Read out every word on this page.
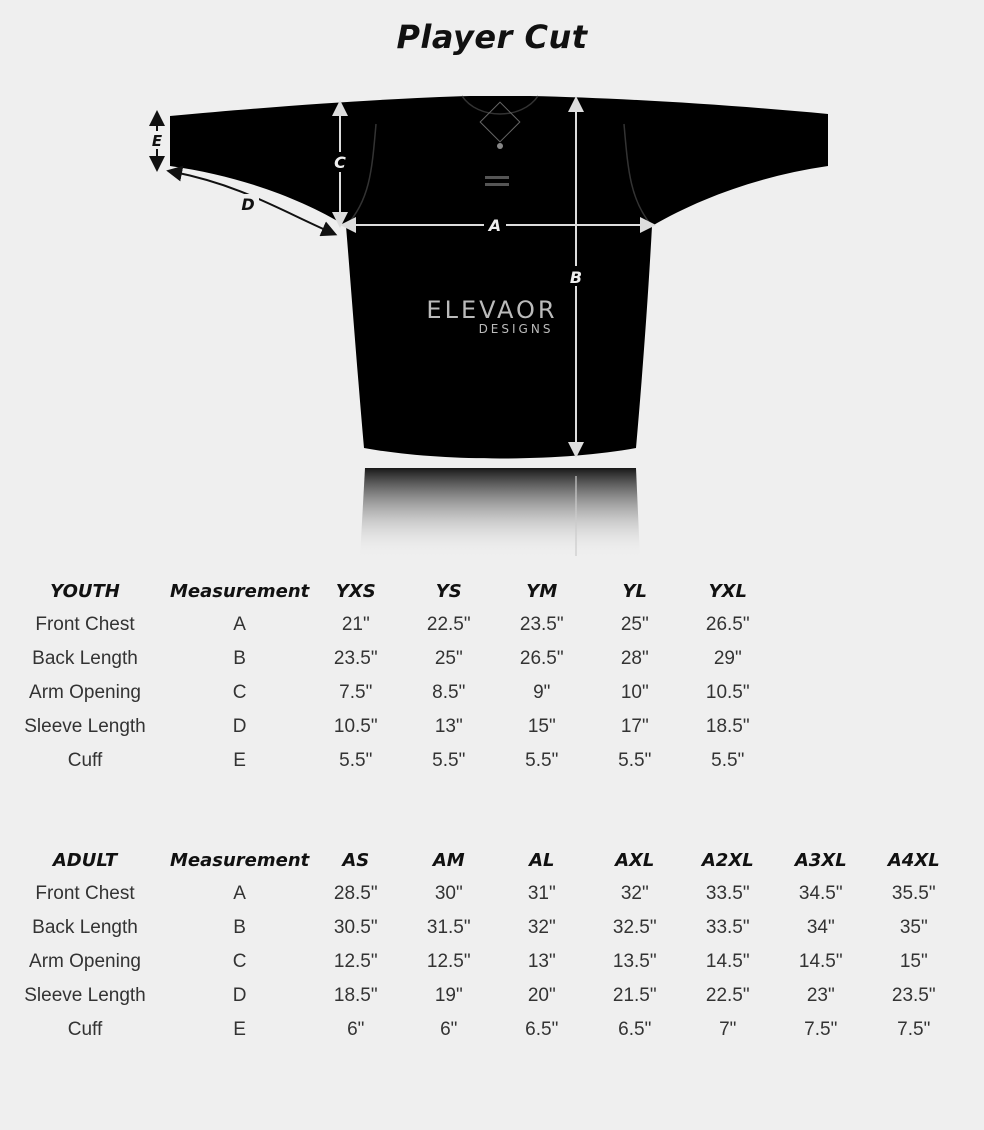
Player Cut
ELEVAOR
DESIGNS
A
B
C
D
E
YOUTH	Measurement	YXS	YS	YM	YL	YXL
Front Chest	A	21"	22.5"	23.5"	25"	26.5"
Back Length	B	23.5"	25"	26.5"	28"	29"
Arm Opening	C	7.5"	8.5"	9"	10"	10.5"
Sleeve Length	D	10.5"	13"	15"	17"	18.5"
Cuff	E	5.5"	5.5"	5.5"	5.5"	5.5"
ADULT	Measurement	AS	AM	AL	AXL	A2XL	A3XL	A4XL
Front Chest	A	28.5"	30"	31"	32"	33.5"	34.5"	35.5"
Back Length	B	30.5"	31.5"	32"	32.5"	33.5"	34"	35"
Arm Opening	C	12.5"	12.5"	13"	13.5"	14.5"	14.5"	15"
Sleeve Length	D	18.5"	19"	20"	21.5"	22.5"	23"	23.5"
Cuff	E	6"	6"	6.5"	6.5"	7"	7.5"	7.5"
